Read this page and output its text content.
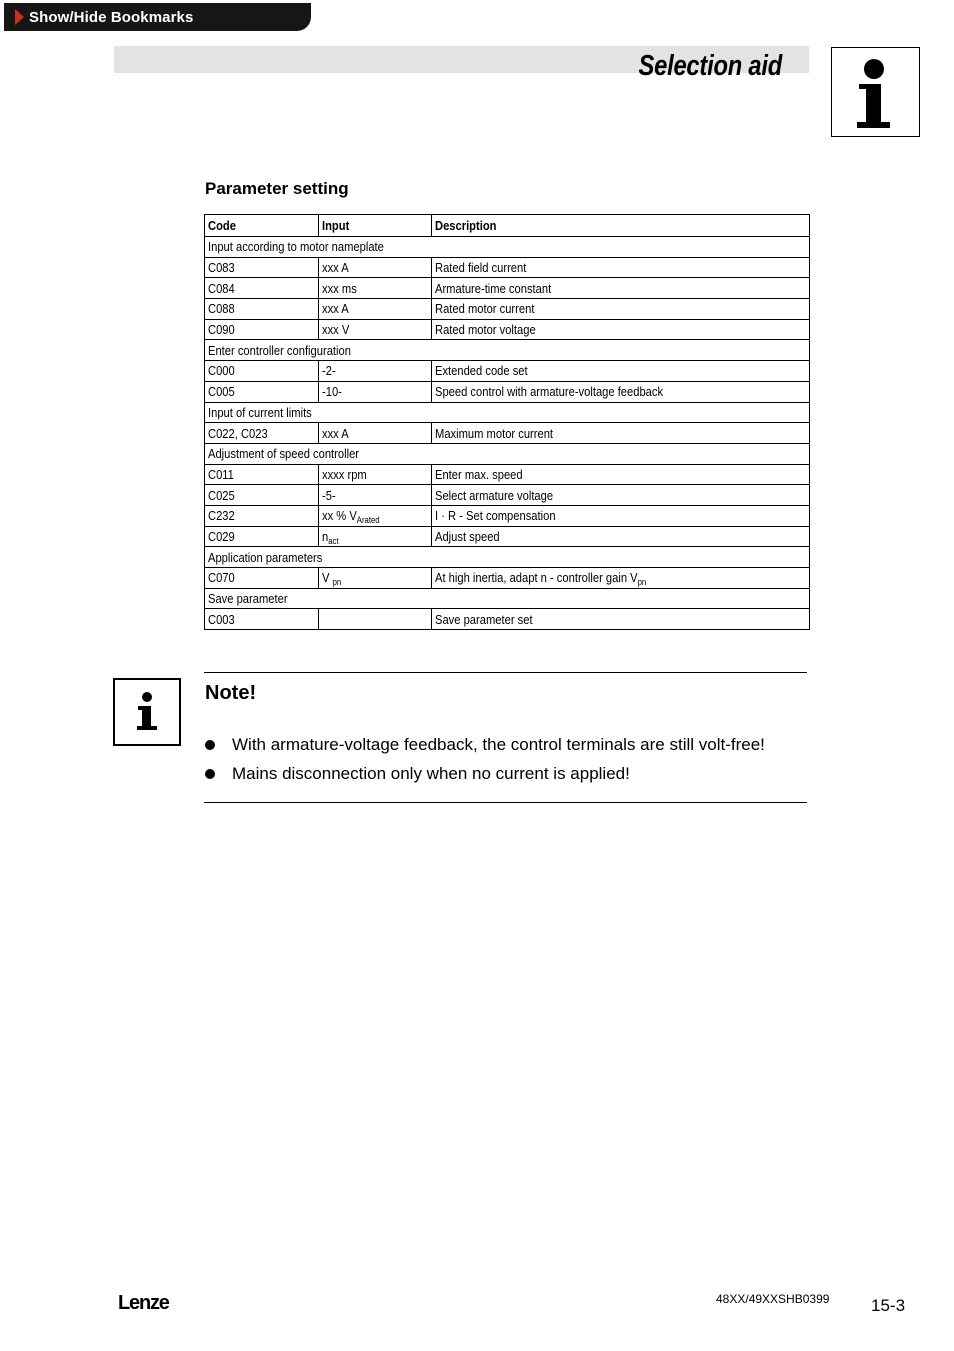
Show/Hide Bookmarks
Selection aid
Parameter setting
Code	Input	Description
Input according to motor nameplate		
C083	xxx A	Rated field current
C084	xxx ms	Armature-time constant
C088	xxx A	Rated motor current
C090	xxx V	Rated motor voltage
Enter controller configuration		
C000	-2-	Extended code set
C005	-10-	Speed control with armature-voltage feedback
Input of current limits		
C022, C023	xxx A	Maximum motor current
Adjustment of speed controller		
C011	xxxx rpm	Enter max. speed
C025	-5-	Select armature voltage
C232	xx % $V_{Arated}$	I · R - Set compensation
C029	$n_{act}$	Adjust speed
Application parameters		
C070	V $_{pn}$	At high inertia, adapt n - controller gain $V_{pn}$
Save parameter		
C003		Save parameter set
Note!
With armature-voltage feedback, the control terminals are still volt-free!
Mains disconnection only when no current is applied!
Lenze	48XX/49XXSHB0399 15-3
